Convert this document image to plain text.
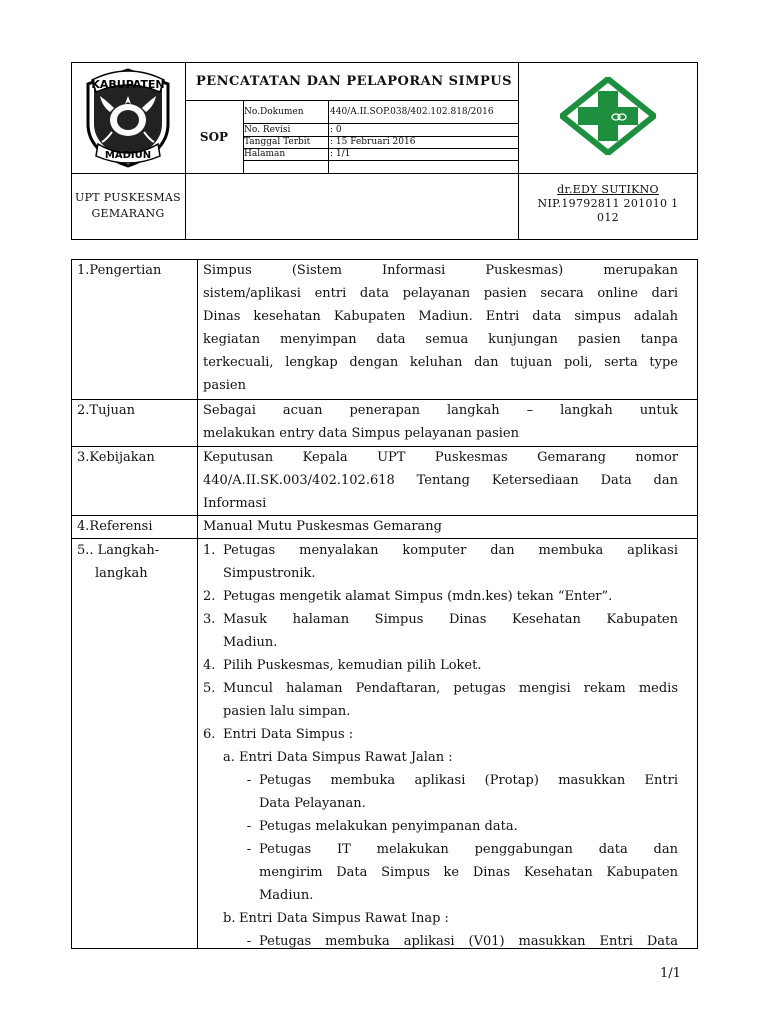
KABUPATEN
MADIUN
PENCATATAN DAN PELAPORAN SIMPUS
SOP
No.Dokumen	440/A.II.SOP.038/402.102.818/2016
No. Revisi	: 0
Tanggal Terbit : 15 Februari 2016
Halaman	: 1/1
UPT PUSKESMAS
GEMARANG
dr.EDY SUTIKNO
NIP.19792811 201010 1
012
1.Pengertian	Simpus (Sistem Informasi Puskesmas) merupakan
sistem/aplikasi entri data pelayanan pasien secara online dari
Dinas kesehatan Kabupaten Madiun. Entri data simpus adalah
kegiatan menyimpan data semua kunjungan pasien tanpa
terkecuali, lengkap dengan keluhan dan tujuan poli, serta type
pasien
2.Tujuan	Sebagai acuan penerapan langkah – langkah untuk
melakukan entry data Simpus pelayanan pasien
3.Kebijakan	Keputusan Kepala UPT Puskesmas Gemarang nomor
440/A.II.SK.003/402.102.618 Tentang Ketersediaan Data dan
Informasi
4.Referensi	Manual Mutu Puskesmas Gemarang
5.. Langkah-
langkah
1. Petugas menyalakan komputer dan membuka aplikasi
Simpustronik.
2. Petugas mengetik alamat Simpus (mdn.kes) tekan “Enter”.
3. Masuk halaman Simpus Dinas Kesehatan Kabupaten
Madiun.
4. Pilih Puskesmas, kemudian pilih Loket.
5. Muncul halaman Pendaftaran, petugas mengisi rekam medis
pasien lalu simpan.
6. Entri Data Simpus :
a. Entri Data Simpus Rawat Jalan :
- Petugas membuka aplikasi (Protap) masukkan Entri
Data Pelayanan.
- Petugas melakukan penyimpanan data.
- Petugas IT melakukan penggabungan data dan
mengirim Data Simpus ke Dinas Kesehatan Kabupaten
Madiun.
b. Entri Data Simpus Rawat Inap :
- Petugas membuka aplikasi (V01) masukkan Entri Data
1/1
